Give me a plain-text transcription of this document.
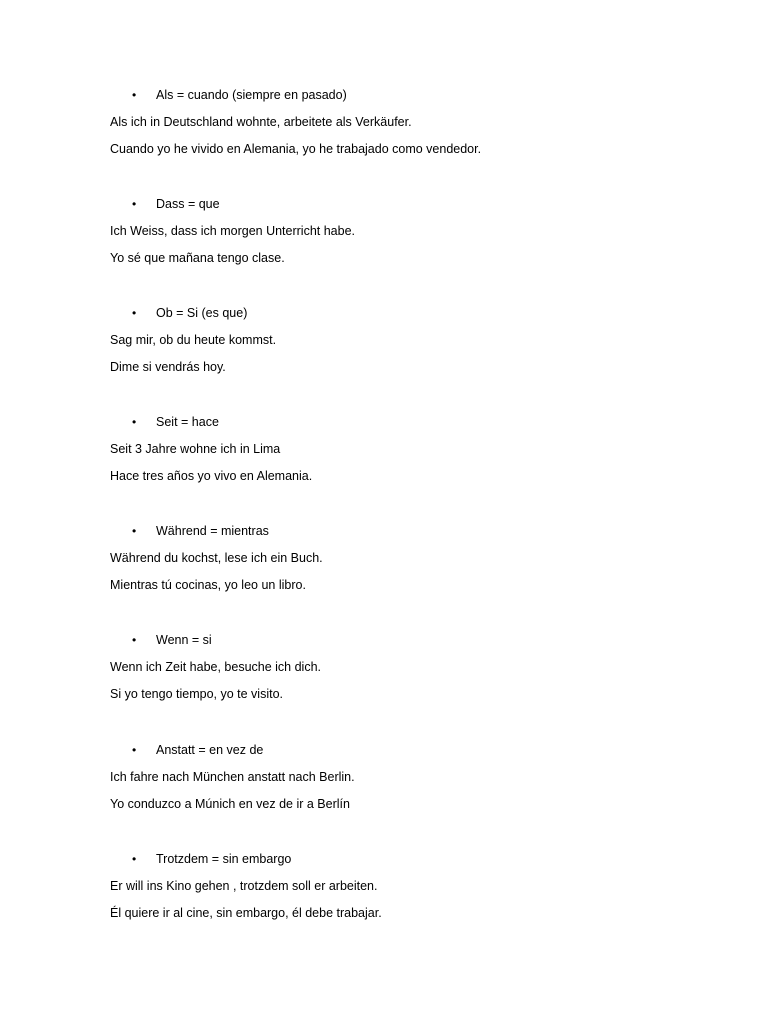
• Als = cuando (siempre en pasado)
Als ich in Deutschland wohnte, arbeitete als Verkäufer.
Cuando yo he vivido en Alemania, yo he trabajado como vendedor.
• Dass = que
Ich Weiss, dass ich morgen Unterricht habe.
Yo sé que mañana tengo clase.
• Ob = Si (es que)
Sag mir, ob du heute kommst.
Dime si vendrás hoy.
• Seit = hace
Seit 3 Jahre wohne ich in Lima
Hace tres años yo vivo en Alemania.
• Während = mientras
Während du kochst, lese ich ein Buch.
Mientras tú cocinas, yo leo un libro.
• Wenn = si
Wenn ich Zeit habe, besuche ich dich.
Si yo tengo tiempo, yo te visito.
• Anstatt = en vez de
Ich fahre nach München anstatt nach Berlin.
Yo conduzco a Múnich en vez de ir a Berlín
• Trotzdem = sin embargo
Er will ins Kino gehen , trotzdem soll er arbeiten.
Él quiere ir al cine, sin embargo, él debe trabajar.
